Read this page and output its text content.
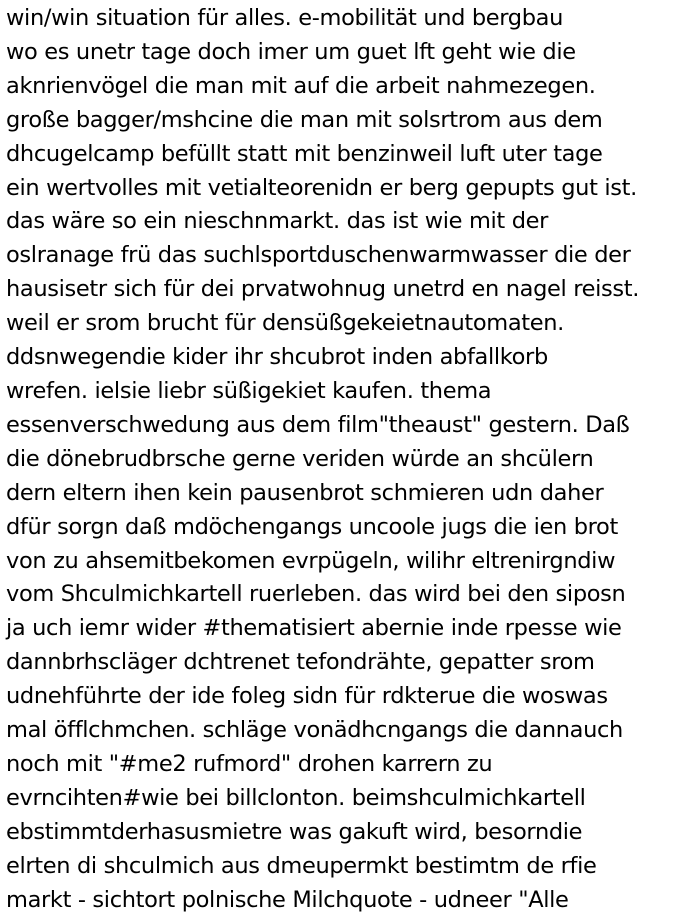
win/win situation für alles. e-mobilität und bergbau
wo es unetr tage doch imer um guet lft geht wie die
aknrienvögel die man mit auf die arbeit nahmezegen.
große bagger/mshcine die man mit solsrtrom aus dem
dhcugelcamp befüllt statt mit benzinweil luft uter tage
ein wertvolles mit vetialteorenidn er berg gepupts gut ist.
das wäre so ein nieschnmarkt. das ist wie mit der
oslranage frü das suchlsportduschenwarmwasser die der
hausisetr sich für dei prvatwohnug unetrd en nagel reisst.
weil er srom brucht für densüßgekeietnautomaten.
ddsnwegendie kider ihr shcubrot inden abfallkorb
wrefen. ielsie liebr süßigekiet kaufen. thema
essenverschwedung aus dem film"theaust" gestern. Daß
die dönebrudbrsche gerne veriden würde an shcülern
dern eltern ihen kein pausenbrot schmieren udn daher
dfür sorgn daß mdöchengangs uncoole jugs die ien brot
von zu ahsemitbekomen evrpügeln, wilihr eltrenirgndiw
vom Shculmichkartell ruerleben. das wird bei den siposn
ja uch iemr wider #thematisiert abernie inde rpesse wie
dannbrhscläger dchtrenet tefondrähte, gepatter srom
udnehführte der ide foleg sidn für rdkterue die woswas
mal öfflchmchen. schläge vonädhcngangs die dannauch
noch mit "#me2 rufmord" drohen karrern zu
evrncihten#wie bei billclonton. beimshculmichkartell
ebstimmtderhasusmietre was gakuft wird, besorndie
elrten di shculmich aus dmeupermkt bestimtm de rfie
markt - sichtort polnische Milchquote - udneer "Alle
